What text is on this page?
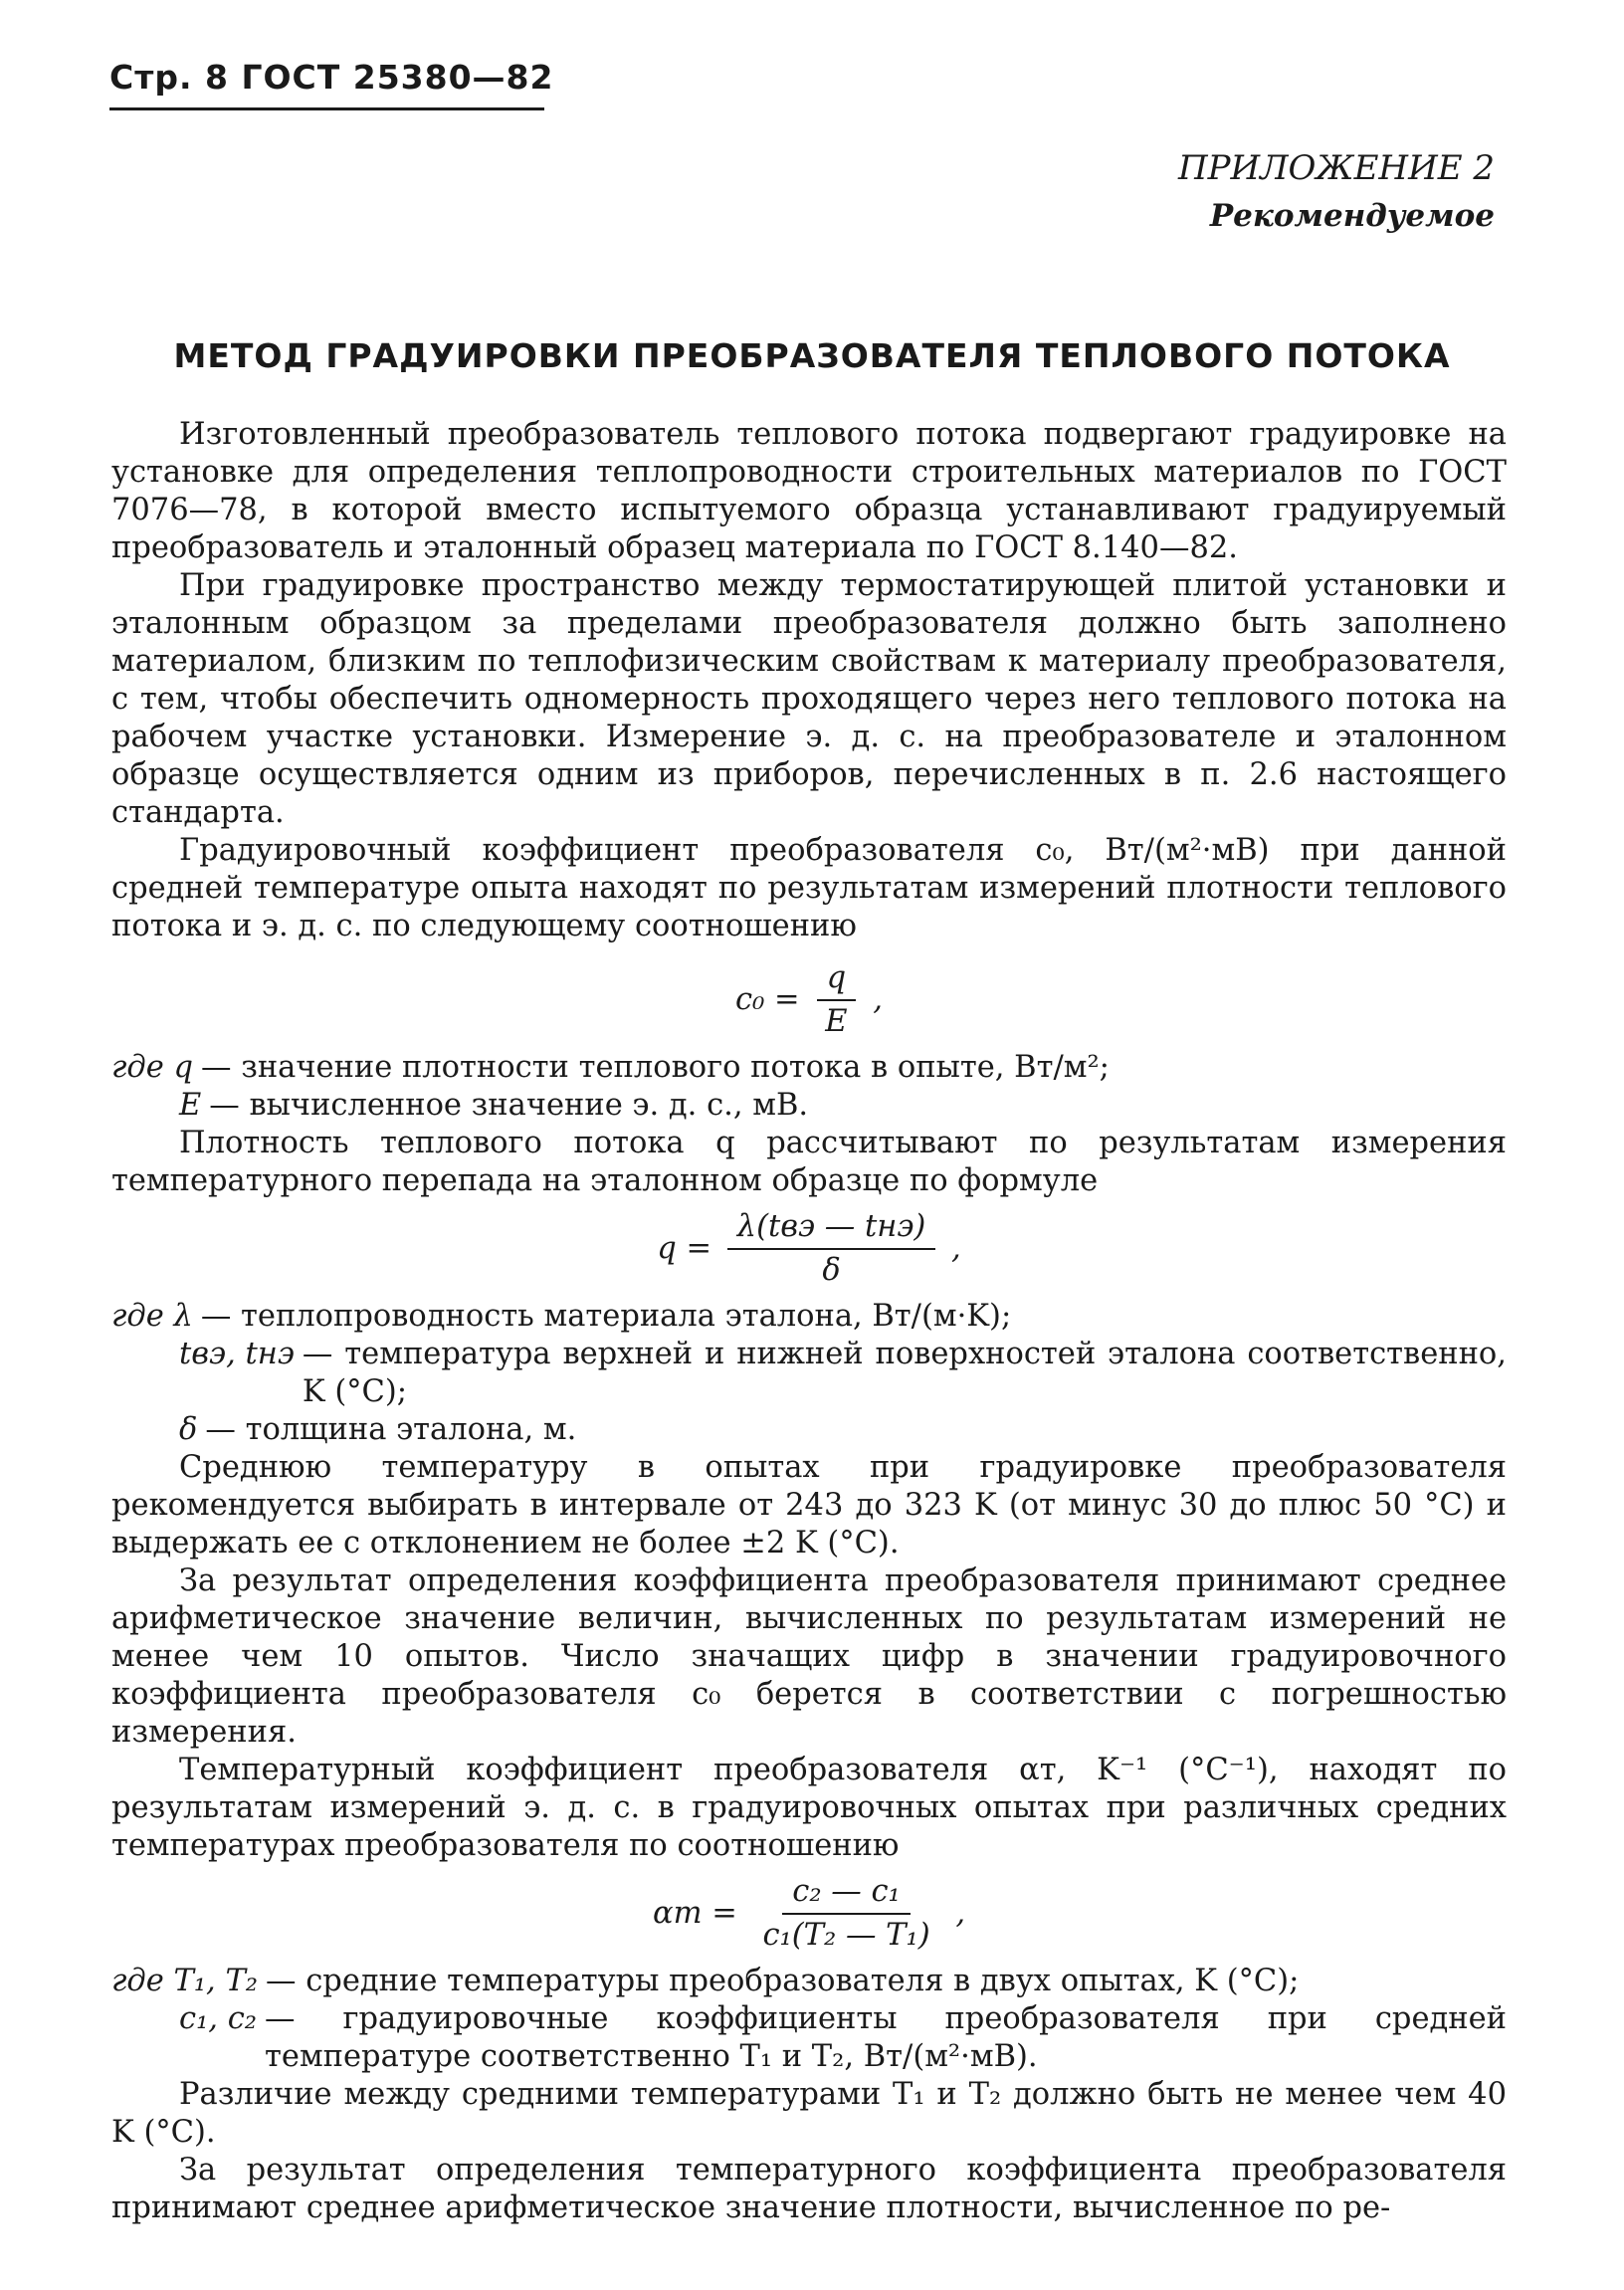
Стр. 8 ГОСТ 25380—82
ПРИЛОЖЕНИЕ 2
Рекомендуемое
МЕТОД ГРАДУИРОВКИ ПРЕОБРАЗОВАТЕЛЯ ТЕПЛОВОГО ПОТОКА

Изготовленный преобразователь теплового потока подвергают градуировке на установке для определения теплопроводности строительных материалов по ГОСТ 7076—78, в которой вместо испытуемого образца устанавливают градуируемый преобразователь и эталонный образец материала по ГОСТ 8.140—82.

При градуировке пространство между термостатирующей плитой установки и эталонным образцом за пределами преобразователя должно быть заполнено материалом, близким по теплофизическим свойствам к материалу преобразователя, с тем, чтобы обеспечить одномерность проходящего через него теплового потока на рабочем участке установки. Измерение э. д. с. на преобразователе и эталонном образце осуществляется одним из приборов, перечисленных в п. 2.6 настоящего стандарта.

Градуировочный коэффициент преобразователя c₀, Вт/(м²·мВ) при данной средней температуре опыта находят по результатам измерений плотности теплового потока и э. д. с. по следующему соотношению

$c_0 = \frac{q}{E}$ ,
где q — значение плотности теплового потока в опыте, Вт/м²;
E — вычисленное значение э. д. с., мВ.

Плотность теплового потока q рассчитывают по результатам измерения температурного перепада на эталонном образце по формуле

$q = \frac{\text{λ(tвэ — tнэ)}}{\delta}$ ,
где λ — теплопроводность материала эталона, Вт/(м·K);
tвэ, tнэ — температура верхней и нижней поверхностей эталона соответственно, K (°С);
δ — толщина эталона, м.

Среднюю температуру в опытах при градуировке преобразователя рекомендуется выбирать в интервале от 243 до 323 K (от минус 30 до плюс 50 °С) и выдержать ее с отклонением не более ±2 K (°С).

За результат определения коэффициента преобразователя принимают среднее арифметическое значение величин, вычисленных по результатам измерений не менее чем 10 опытов. Число значащих цифр в значении градуировочного коэффициента преобразователя c₀ берется в соответствии с погрешностью измерения.

Температурный коэффициент преобразователя αт, K⁻¹ (°С⁻¹), находят по результатам измерений э. д. с. в градуировочных опытах при различных средних температурах преобразователя по соотношению

$\alpha т = \frac{\text{c₂ — c₁}}{\text{c₁(T₂ — T₁)}}$ ,
где T₁, T₂ — средние температуры преобразователя в двух опытах, K (°С);
c₁, c₂ — градуировочные коэффициенты преобразователя при средней температуре соответственно T₁ и T₂, Вт/(м²·мВ).

Различие между средними температурами T₁ и T₂ должно быть не менее чем 40 K (°С).

За результат определения температурного коэффициента преобразователя принимают среднее арифметическое значение плотности, вычисленное по ре-
